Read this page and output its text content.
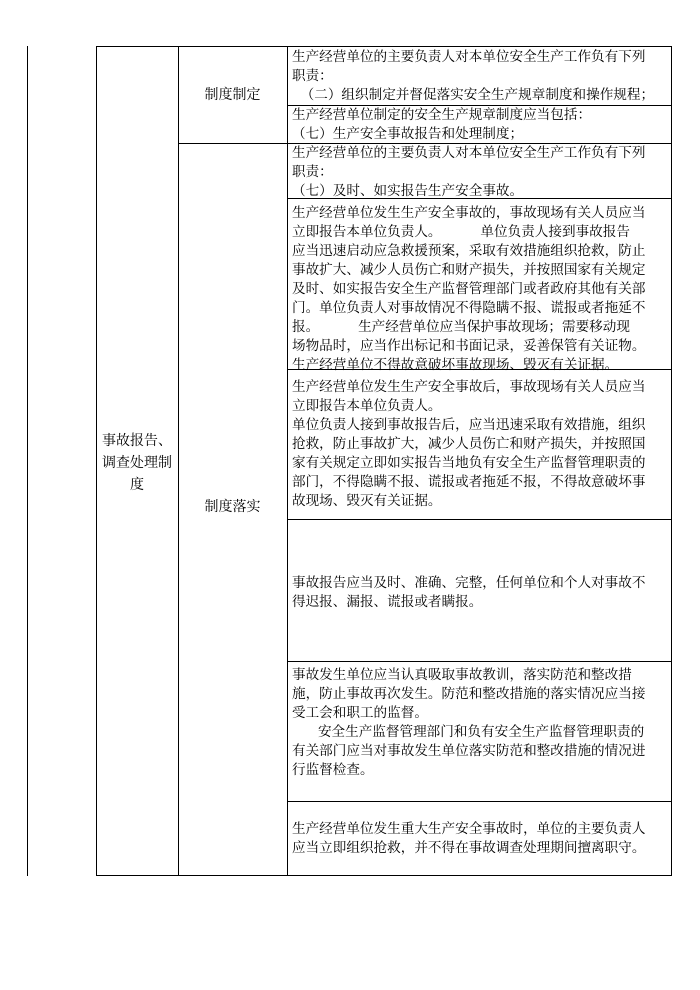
事故报告、调查处理制度
制度制定
制度落实

生产经营单位的主要负责人对本单位安全生产工作负有下列

职责：

（二）组织制定并督促落实安全生产规章制度和操作规程；

生产经营单位制定的安全生产规章制度应当包括：

（七）生产安全事故报告和处理制度；

生产经营单位的主要负责人对本单位安全生产工作负有下列

职责：

（七）及时、如实报告生产安全事故。

生产经营单位发生生产安全事故的，事故现场有关人员应当

立即报告本单位负责人。         单位负责人接到事故报告

应当迅速启动应急救援预案，采取有效措施组织抢救，防止

事故扩大、减少人员伤亡和财产损失，并按照国家有关规定

及时、如实报告安全生产监督管理部门或者政府其他有关部

门。单位负责人对事故情况不得隐瞒不报、谎报或者拖延不

报。         生产经营单位应当保护事故现场；需要移动现

场物品时，应当作出标记和书面记录，妥善保管有关证物。

生产经营单位不得故意破坏事故现场、毁灭有关证据。

生产经营单位发生生产安全事故后，事故现场有关人员应当

立即报告本单位负责人。

单位负责人接到事故报告后，应当迅速采取有效措施，组织

抢救，防止事故扩大，减少人员伤亡和财产损失，并按照国

家有关规定立即如实报告当地负有安全生产监督管理职责的

部门，不得隐瞒不报、谎报或者拖延不报，不得故意破坏事

故现场、毁灭有关证据。

事故报告应当及时、准确、完整，任何单位和个人对事故不

得迟报、漏报、谎报或者瞒报。

事故发生单位应当认真吸取事故教训，落实防范和整改措

施，防止事故再次发生。防范和整改措施的落实情况应当接

受工会和职工的监督。

安全生产监督管理部门和负有安全生产监督管理职责的

有关部门应当对事故发生单位落实防范和整改措施的情况进

行监督检查。

生产经营单位发生重大生产安全事故时，单位的主要负责人

应当立即组织抢救，并不得在事故调查处理期间擅离职守。
